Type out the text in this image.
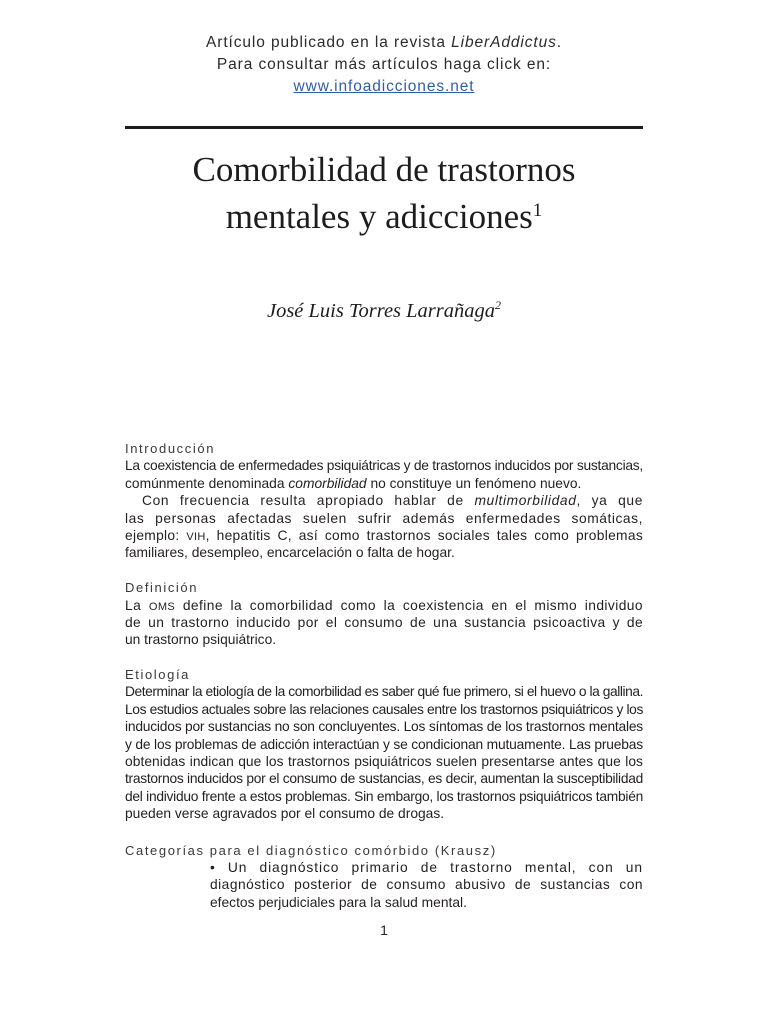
Artículo publicado en la revista LiberAddictus.
Para consultar más artículos haga click en:
www.infoadicciones.net
Comorbilidad de trastornos
mentales y adicciones$^1$
José Luis Torres Larrañaga$^2$
Introducción
La coexistencia de enfermedades psiquiátricas y de trastornos inducidos por sustancias,
comúnmente denominada comorbilidad no constituye un fenómeno nuevo.
Con frecuencia resulta apropiado hablar de multimorbilidad, ya que
las personas afectadas suelen sufrir además enfermedades somáticas,
ejemplo: VIH, hepatitis C, así como trastornos sociales tales como problemas
familiares, desempleo, encarcelación o falta de hogar.
Definición
La OMS define la comorbilidad como la coexistencia en el mismo individuo
de un trastorno inducido por el consumo de una sustancia psicoactiva y de
un trastorno psiquiátrico.
Etiología
Determinar la etiología de la comorbilidad es saber qué fue primero, si el huevo o la gallina.
Los estudios actuales sobre las relaciones causales entre los trastornos psiquiátricos y los
inducidos por sustancias no son concluyentes. Los síntomas de los trastornos mentales
y de los problemas de adicción interactúan y se condicionan mutuamente. Las pruebas
obtenidas indican que los trastornos psiquiátricos suelen presentarse antes que los
trastornos inducidos por el consumo de sustancias, es decir, aumentan la susceptibilidad
del individuo frente a estos problemas. Sin embargo, los trastornos psiquiátricos también
pueden verse agravados por el consumo de drogas.
Categorías para el diagnóstico comórbido (Krausz)
• Un diagnóstico primario de trastorno mental, con un
diagnóstico posterior de consumo abusivo de sustancias con
efectos perjudiciales para la salud mental.
1
